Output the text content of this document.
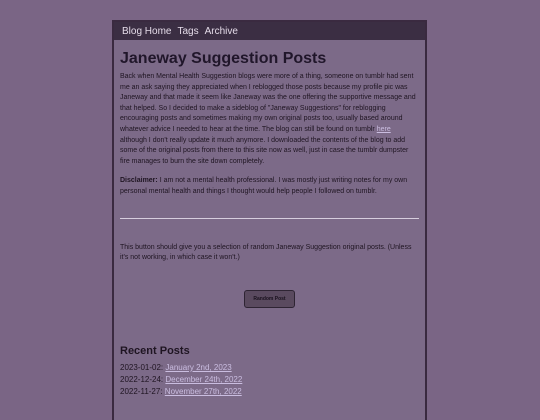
Blog Home Tags Archive
Janeway Suggestion Posts

Back when Mental Health Suggestion blogs were more of a thing, someone on tumblr had sent me an ask saying they appreciated when I reblogged those posts because my profile pic was Janeway and that made it seem like Janeway was the one offering the supportive message and that helped. So I decided to make a sideblog of "Janeway Suggestions" for reblogging encouraging posts and sometimes making my own original posts too, usually based around whatever advice I needed to hear at the time. The blog can still be found on tumblr here although I don't really update it much anymore. I downloaded the contents of the blog to add some of the original posts from there to this site now as well, just in case the tumblr dumpster fire manages to burn the site down completely.

Disclaimer: I am not a mental health professional. I was mostly just writing notes for my own personal mental health and things I thought would help people I followed on tumblr.

This button should give you a selection of random Janeway Suggestion original posts. (Unless it's not working, in which case it won't.)

Random Post
Recent Posts
2023-01-02: January 2nd, 2023
2022-12-24: December 24th, 2022
2022-11-27: November 27th, 2022
